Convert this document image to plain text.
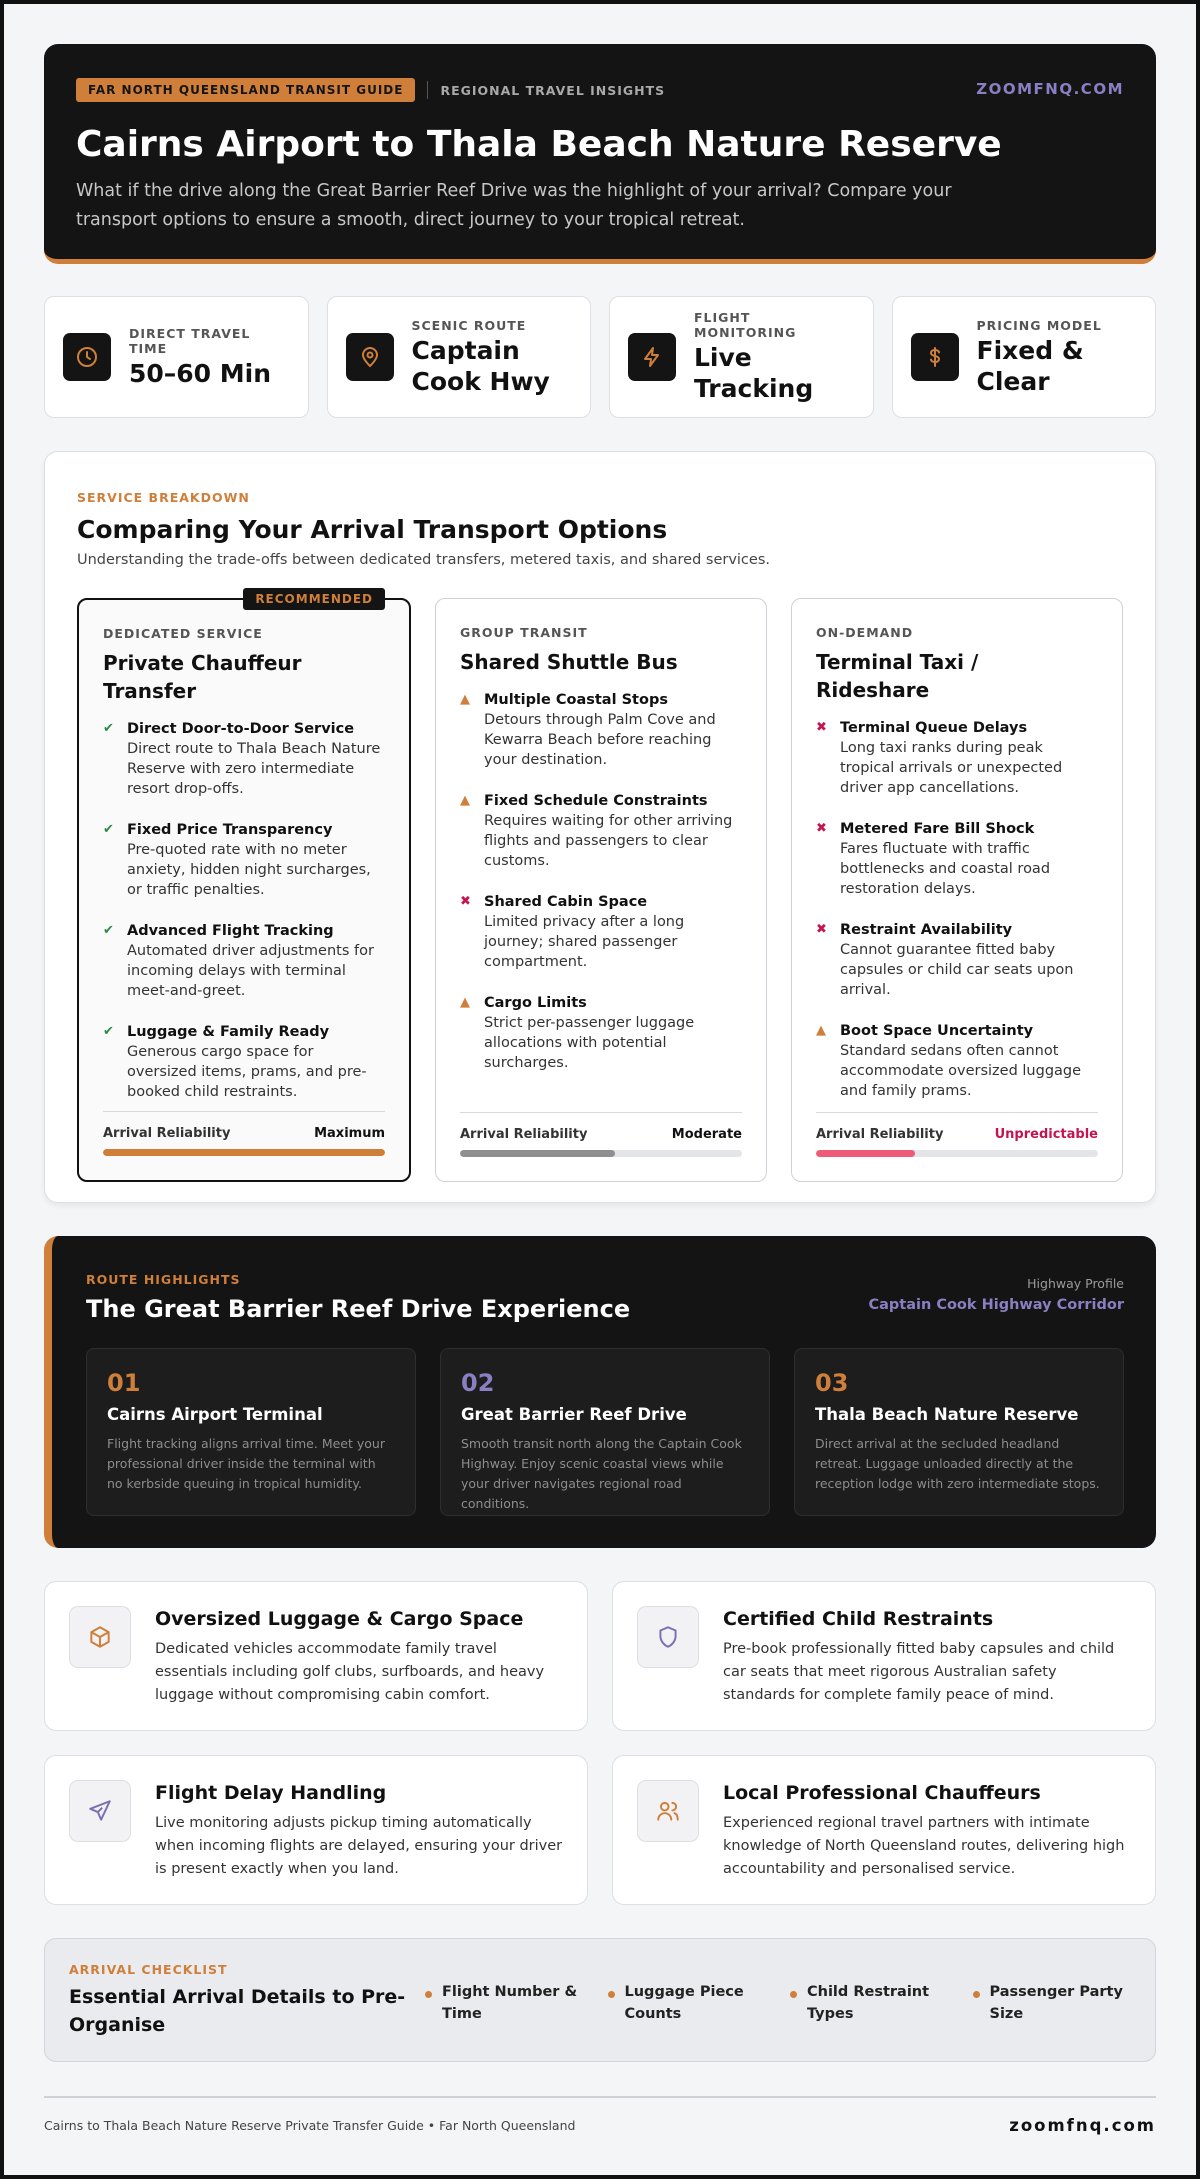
FAR NORTH QUEENSLAND TRANSIT GUIDE	REGIONAL TRAVEL INSIGHTS	ZOOMFNQ.COM
Cairns Airport to Thala Beach Nature Reserve

What if the drive along the Great Barrier Reef Drive was the highlight of your arrival? Compare your transport options to ensure a smooth, direct journey to your tropical retreat.

DIRECT TRAVEL TIME
50–60 Min
SCENIC ROUTE
Captain Cook Hwy
FLIGHT MONITORING
Live Tracking
PRICING MODEL
Fixed & Clear
SERVICE BREAKDOWN
Comparing Your Arrival Transport Options

Understanding the trade-offs between dedicated transfers, metered taxis, and shared services.

RECOMMENDED
DEDICATED SERVICE
Private Chauffeur Transfer
✔ Direct Door-to-Door Service
Direct route to Thala Beach Nature Reserve with zero intermediate resort drop-offs.
✔ Fixed Price Transparency
Pre-quoted rate with no meter anxiety, hidden night surcharges, or traffic penalties.
✔ Advanced Flight Tracking
Automated driver adjustments for incoming delays with terminal meet-and-greet.
✔ Luggage & Family Ready
Generous cargo space for oversized items, prams, and pre-booked child restraints.
Arrival Reliability	Maximum
GROUP TRANSIT
Shared Shuttle Bus
▲ Multiple Coastal Stops
Detours through Palm Cove and Kewarra Beach before reaching your destination.
▲ Fixed Schedule Constraints
Requires waiting for other arriving flights and passengers to clear customs.
✖ Shared Cabin Space
Limited privacy after a long journey; shared passenger compartment.
▲ Cargo Limits
Strict per-passenger luggage allocations with potential surcharges.
Arrival Reliability	Moderate
ON-DEMAND
Terminal Taxi / Rideshare
✖ Terminal Queue Delays
Long taxi ranks during peak tropical arrivals or unexpected driver app cancellations.
✖ Metered Fare Bill Shock
Fares fluctuate with traffic bottlenecks and coastal road restoration delays.
✖ Restraint Availability
Cannot guarantee fitted baby capsules or child car seats upon arrival.
▲ Boot Space Uncertainty
Standard sedans often cannot accommodate oversized luggage and family prams.
Arrival Reliability	Unpredictable
ROUTE HIGHLIGHTS
The Great Barrier Reef Drive Experience
Highway Profile
Captain Cook Highway Corridor
01
Cairns Airport Terminal
Flight tracking aligns arrival time. Meet your professional driver inside the terminal with no kerbside queuing in tropical humidity.
02
Great Barrier Reef Drive
Smooth transit north along the Captain Cook Highway. Enjoy scenic coastal views while your driver navigates regional road conditions.
03
Thala Beach Nature Reserve
Direct arrival at the secluded headland retreat. Luggage unloaded directly at the reception lodge with zero intermediate stops.
Oversized Luggage & Cargo Space
Dedicated vehicles accommodate family travel essentials including golf clubs, surfboards, and heavy luggage without compromising cabin comfort.
Certified Child Restraints
Pre-book professionally fitted baby capsules and child car seats that meet rigorous Australian safety standards for complete family peace of mind.
Flight Delay Handling
Live monitoring adjusts pickup timing automatically when incoming flights are delayed, ensuring your driver is present exactly when you land.
Local Professional Chauffeurs
Experienced regional travel partners with intimate knowledge of North Queensland routes, delivering high accountability and personalised service.
ARRIVAL CHECKLIST
Essential Arrival Details to Pre-Organise
Flight Number & Time
Luggage Piece Counts
Child Restraint Types
Passenger Party Size
Cairns to Thala Beach Nature Reserve Private Transfer Guide • Far North Queensland	zoomfnq.com
